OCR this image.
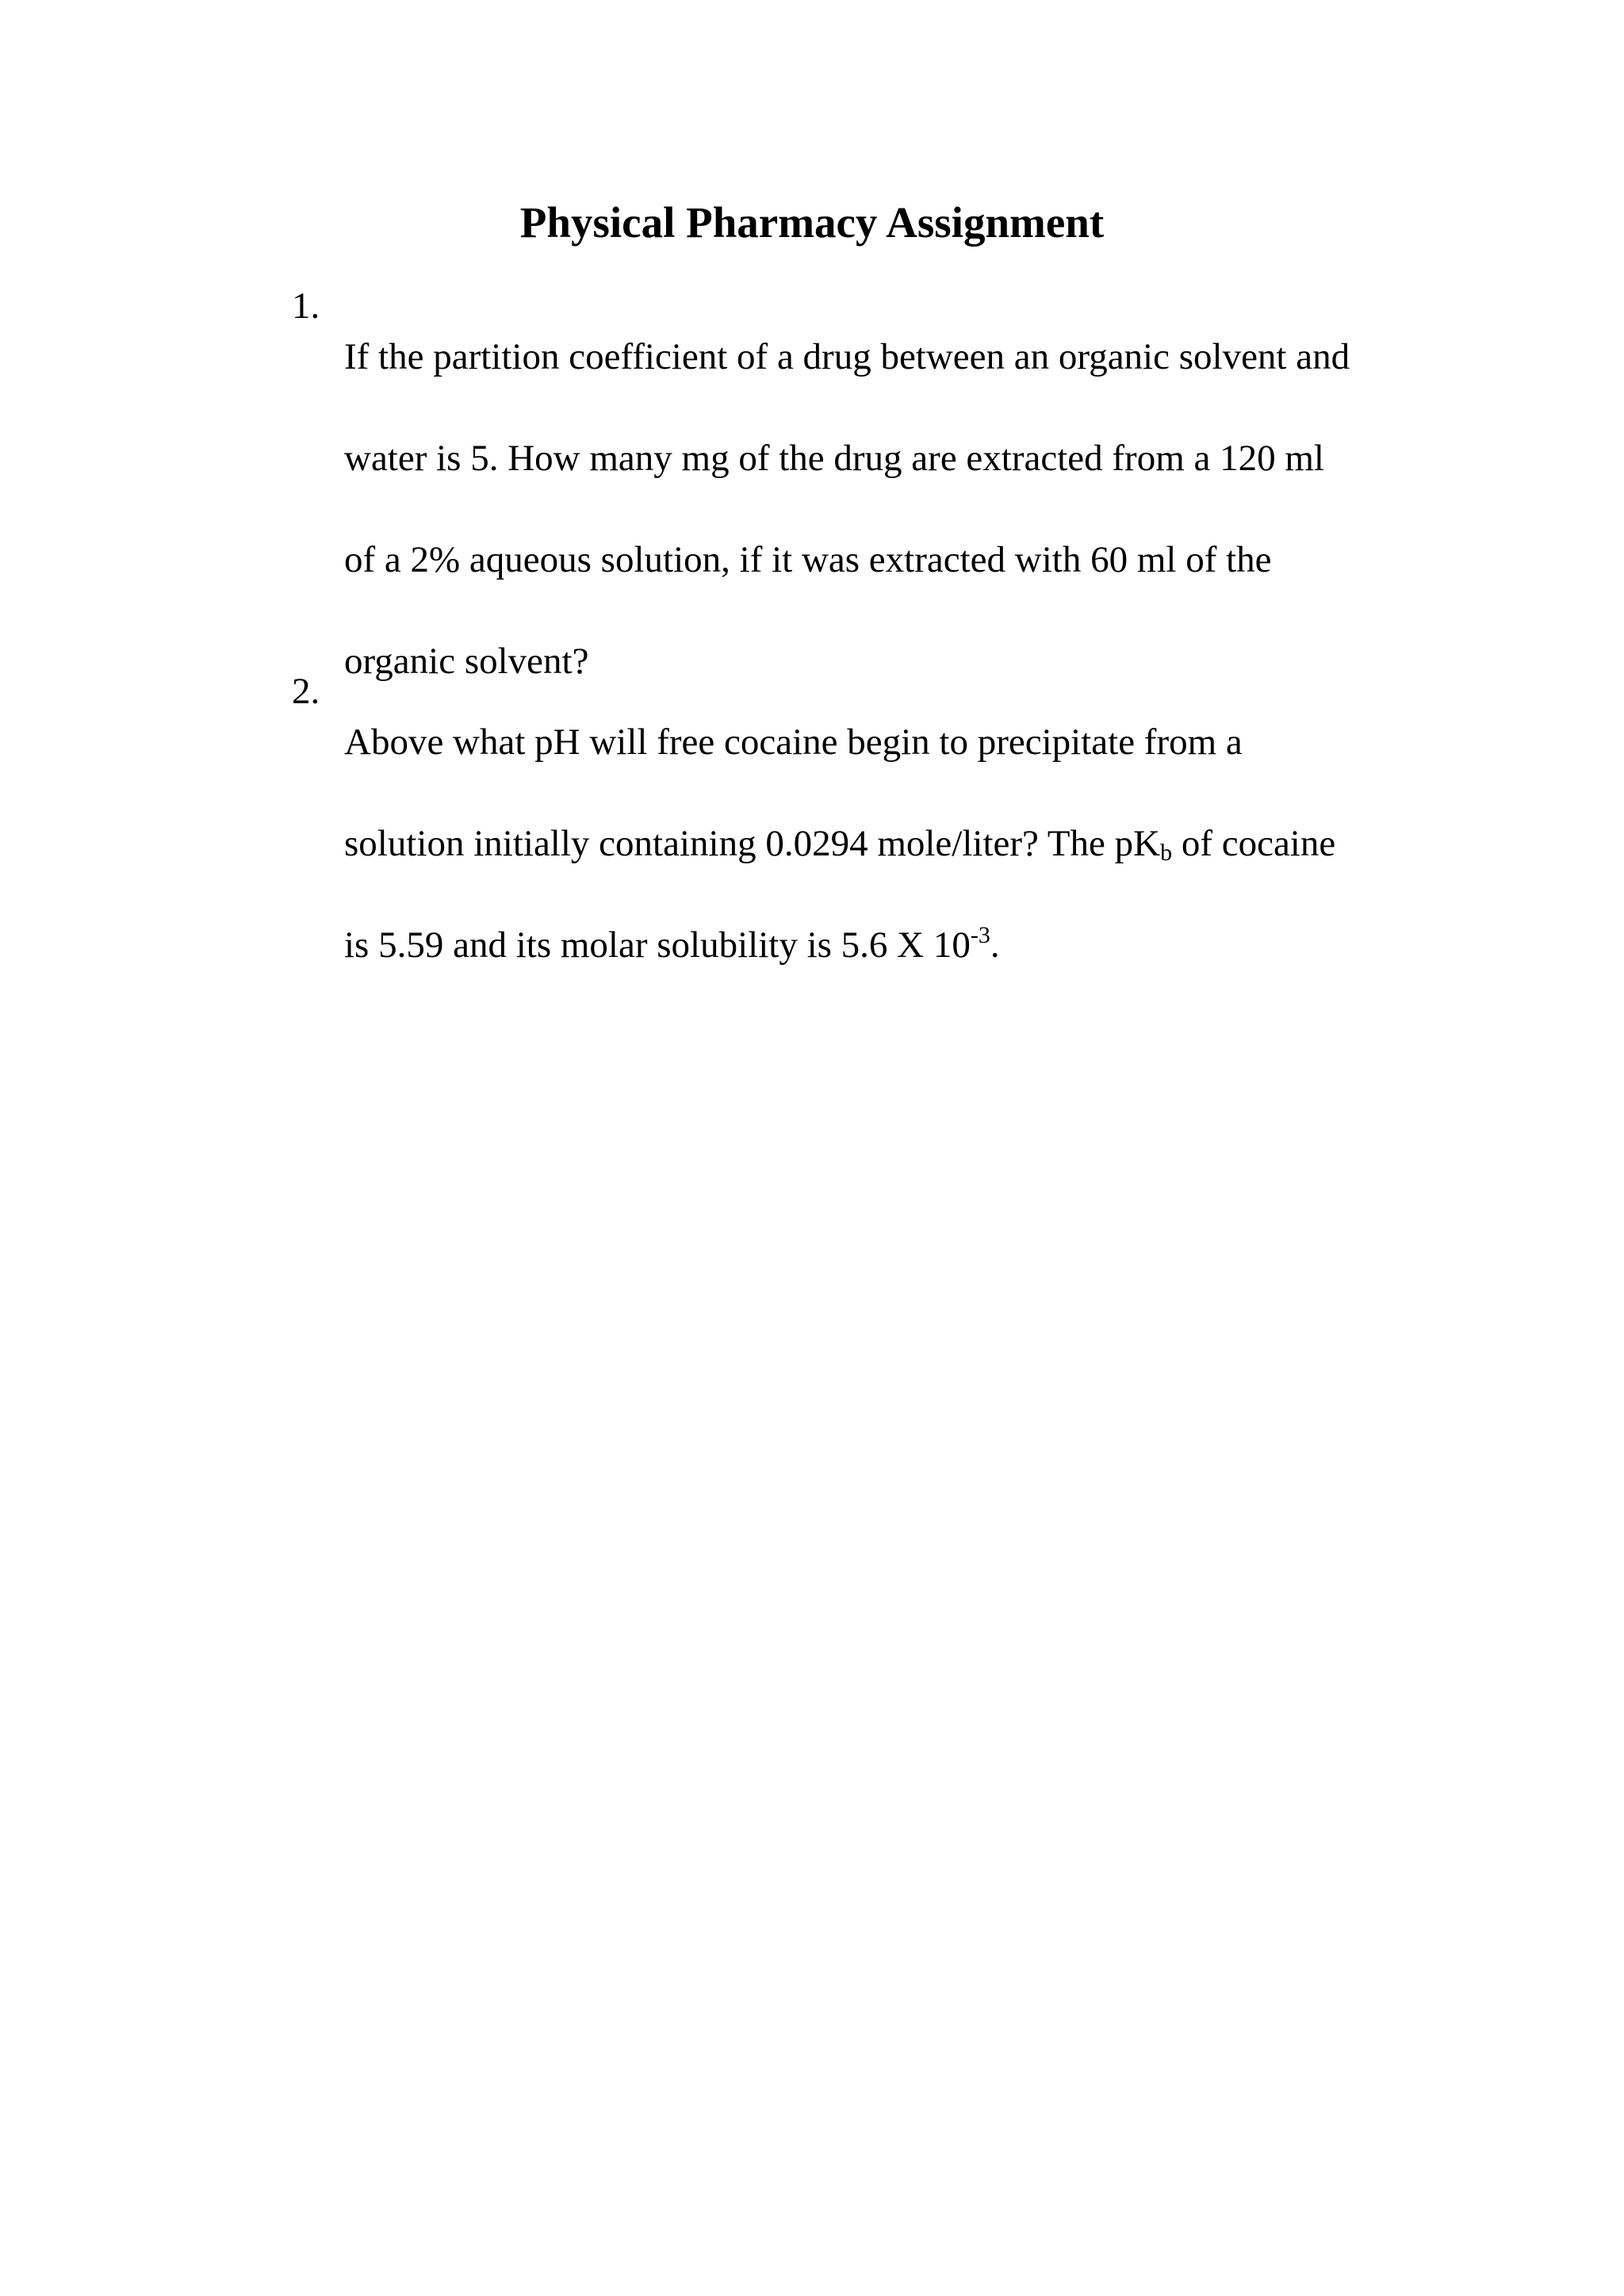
Physical Pharmacy Assignment
1.

If the partition coefficient of a drug between an organic solvent and

water is 5. How many mg of the drug are extracted from a 120 ml

of a 2% aqueous solution, if it was extracted with 60 ml of the

organic solvent?

2.

Above what pH will free cocaine begin to precipitate from a

solution initially containing 0.0294 mole/liter? The $pK_b$ of cocaine

is 5.59 and its molar solubility is 5.6 X $10^{-3}$.
